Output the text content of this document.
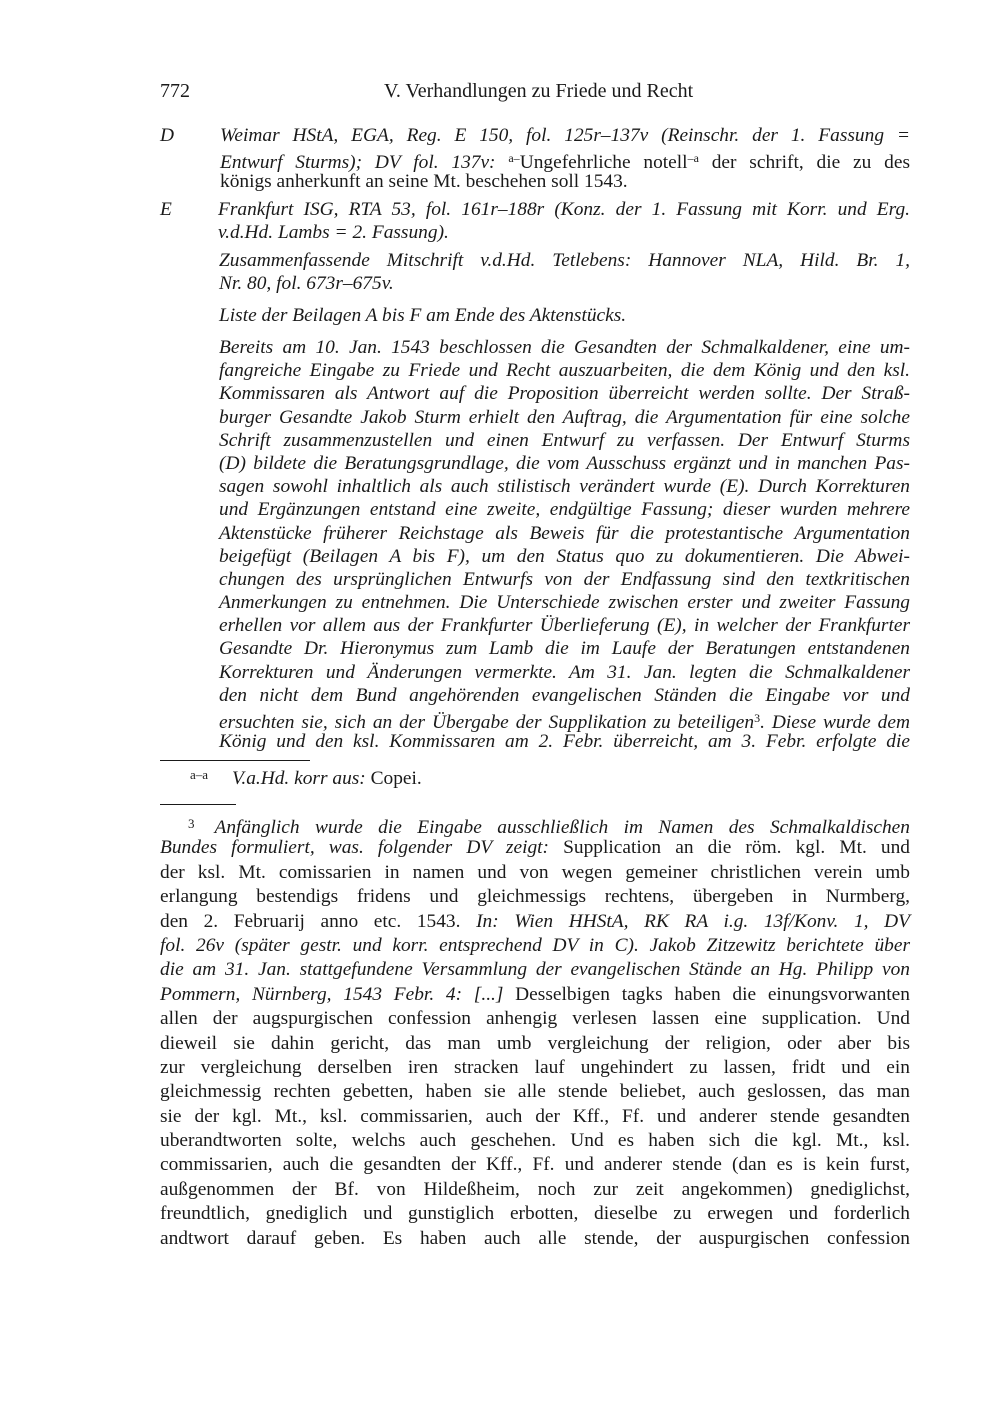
772	V. Verhandlungen zu Friede und Recht
D Weimar HStA, EGA, Reg. E 150, fol. 125r–137v (Reinschr. der 1. Fassung =
Entwurf Sturms); DV fol. 137v: $^{a-}$Ungefehrliche notell$^{-a}$ der schrift, die zu des
königs anherkunft an seine Mt. beschehen soll 1543.
E Frankfurt ISG, RTA 53, fol. 161r–188r (Konz. der 1. Fassung mit Korr. und Erg.
v.d.Hd. Lambs = 2. Fassung).
Zusammenfassende Mitschrift v.d.Hd. Tetlebens: Hannover NLA, Hild. Br. 1,
Nr. 80, fol. 673r–675v.
Liste der Beilagen A bis F am Ende des Aktenstücks.
Bereits am 10. Jan. 1543 beschlossen die Gesandten der Schmalkaldener, eine um-
fangreiche Eingabe zu Friede und Recht auszuarbeiten, die dem König und den ksl.
Kommissaren als Antwort auf die Proposition überreicht werden sollte. Der Straß-
burger Gesandte Jakob Sturm erhielt den Auftrag, die Argumentation für eine solche
Schrift zusammenzustellen und einen Entwurf zu verfassen. Der Entwurf Sturms
(D) bildete die Beratungsgrundlage, die vom Ausschuss ergänzt und in manchen Pas-
sagen sowohl inhaltlich als auch stilistisch verändert wurde (E). Durch Korrekturen
und Ergänzungen entstand eine zweite, endgültige Fassung; dieser wurden mehrere
Aktenstücke früherer Reichstage als Beweis für die protestantische Argumentation
beigefügt (Beilagen A bis F), um den Status quo zu dokumentieren. Die Abwei-
chungen des ursprünglichen Entwurfs von der Endfassung sind den textkritischen
Anmerkungen zu entnehmen. Die Unterschiede zwischen erster und zweiter Fassung
erhellen vor allem aus der Frankfurter Überlieferung (E), in welcher der Frankfurter
Gesandte Dr. Hieronymus zum Lamb die im Laufe der Beratungen entstandenen
Korrekturen und Änderungen vermerkte. Am 31. Jan. legten die Schmalkaldener
den nicht dem Bund angehörenden evangelischen Ständen die Eingabe vor und
ersuchten sie, sich an der Übergabe der Supplikation zu beteiligen$^3$. Diese wurde dem
König und den ksl. Kommissaren am 2. Febr. überreicht, am 3. Febr. erfolgte die
a–a V.a.Hd. korr aus: Copei.
$^3$ Anfänglich wurde die Eingabe ausschließlich im Namen des Schmalkaldischen
Bundes formuliert, was. folgender DV zeigt: Supplication an die röm. kgl. Mt. und
der ksl. Mt. comissarien in namen und von wegen gemeiner christlichen verein umb
erlangung bestendigs fridens und gleichmessigs rechtens, übergeben in Nurmberg,
den 2. Februarij anno etc. 1543. In: Wien HHStA, RK RA i.g. 13f/Konv. 1, DV
fol. 26v (später gestr. und korr. entsprechend DV in C). Jakob Zitzewitz berichtete über
die am 31. Jan. stattgefundene Versammlung der evangelischen Stände an Hg. Philipp von
Pommern, Nürnberg, 1543 Febr. 4: [...] Desselbigen tagks haben die einungsvorwanten
allen der augspurgischen confession anhengig verlesen lassen eine supplication. Und
dieweil sie dahin gericht, das man umb vergleichung der religion, oder aber bis
zur vergleichung derselben iren stracken lauf ungehindert zu lassen, fridt und ein
gleichmessig rechten gebetten, haben sie alle stende beliebet, auch geslossen, das man
sie der kgl. Mt., ksl. commissarien, auch der Kff., Ff. und anderer stende gesandten
uberandtworten solte, welchs auch geschehen. Und es haben sich die kgl. Mt., ksl.
commissarien, auch die gesandten der Kff., Ff. und anderer stende (dan es is kein furst,
außgenommen der Bf. von Hildeßheim, noch zur zeit angekommen) gnediglichst,
freundtlich, gnediglich und gunstiglich erbotten, dieselbe zu erwegen und forderlich
andtwort darauf geben. Es haben auch alle stende, der auspurgischen confession
